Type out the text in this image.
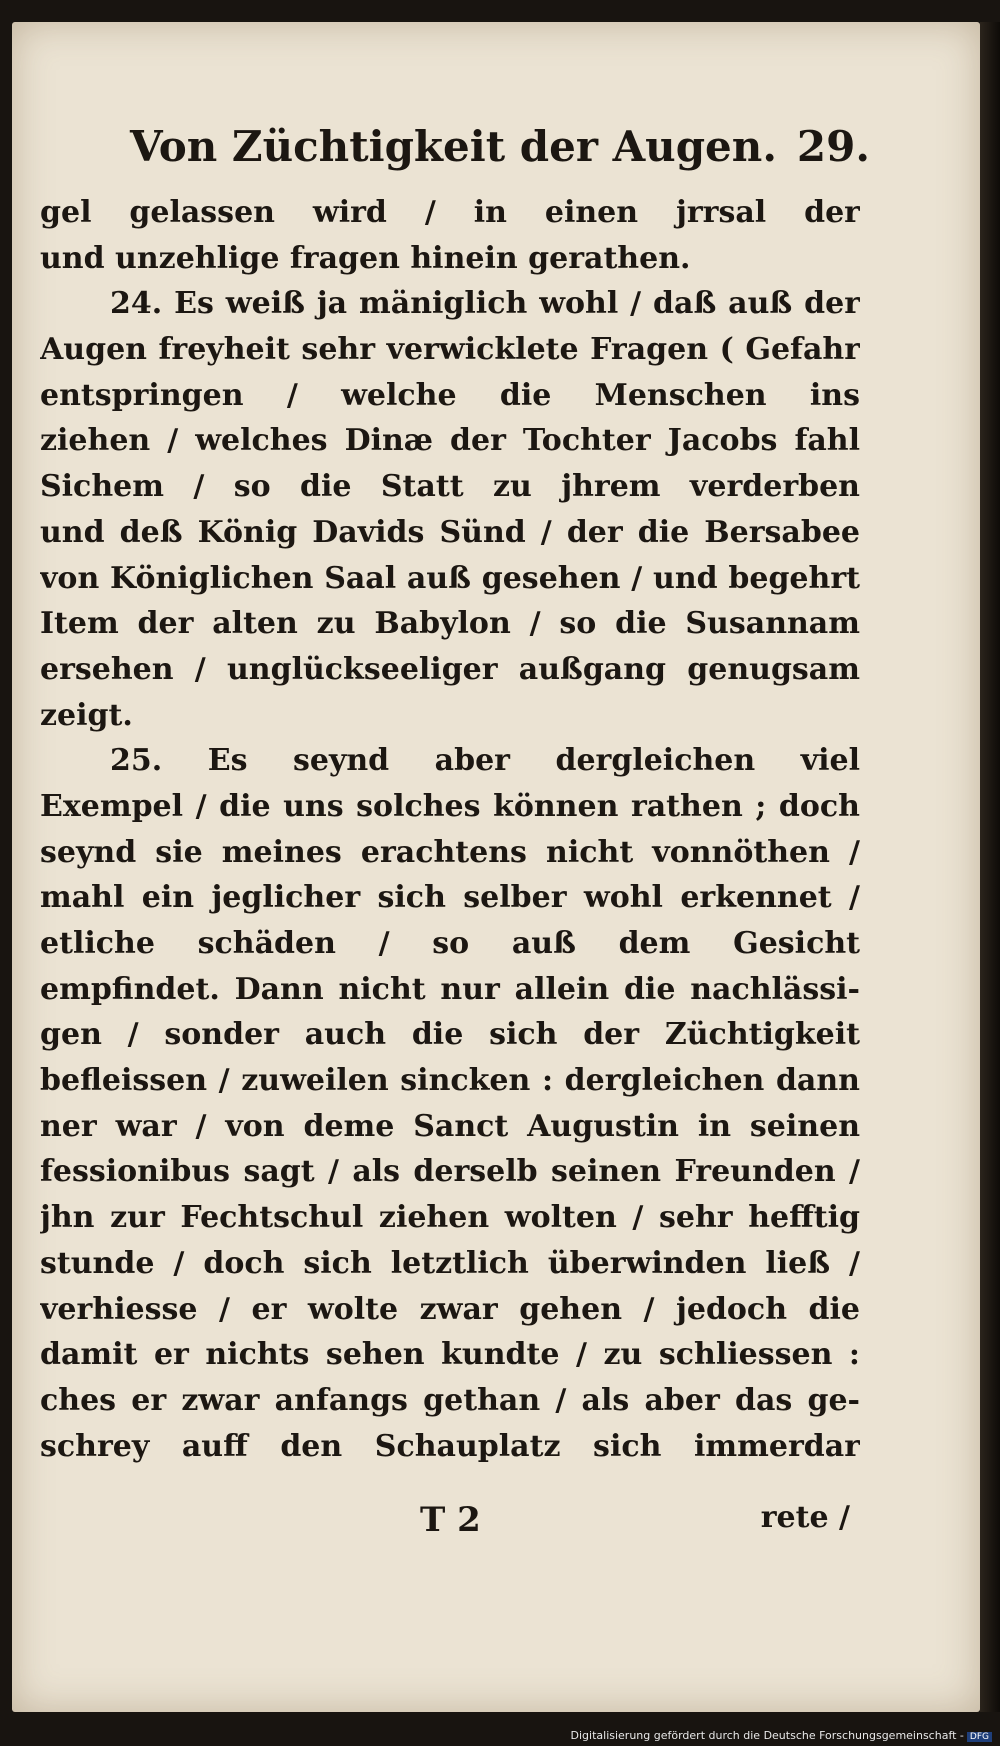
Von Züchtigkeit der Augen. 29.
gel gelassen wird / in einen jrrsal der
und unzehlige fragen hinein gerathen.
24. Es weiß ja mäniglich wohl / daß auß der
Augen freyheit sehr verwicklete Fragen ( Gefahr
entspringen / welche die Menschen ins
ziehen / welches Dinæ der Tochter Jacobs fahl
Sichem / so die Statt zu jhrem verderben
und deß König Davids Sünd / der die Bersabee
von Königlichen Saal auß gesehen / und begehrt
Item der alten zu Babylon / so die Susannam
ersehen / unglückseeliger außgang genugsam
zeigt.
25. Es seynd aber dergleichen viel
Exempel / die uns solches können rathen ; doch
seynd sie meines erachtens nicht vonnöthen /
mahl ein jeglicher sich selber wohl erkennet /
etliche schäden / so auß dem Gesicht
empfindet. Dann nicht nur allein die nachlässi-
gen / sonder auch die sich der Züchtigkeit
befleissen / zuweilen sincken : dergleichen dann
ner war / von deme Sanct Augustin in seinen
fessionibus sagt / als derselb seinen Freunden /
jhn zur Fechtschul ziehen wolten / sehr hefftig
stunde / doch sich letztlich überwinden ließ /
verhiesse / er wolte zwar gehen / jedoch die
damit er nichts sehen kundte / zu schliessen :
ches er zwar anfangs gethan / als aber das ge-
schrey auff den Schauplatz sich immerdar
T 2	rete /
Digitalisierung gefördert durch die Deutsche Forschungsgemeinschaft - DFG
